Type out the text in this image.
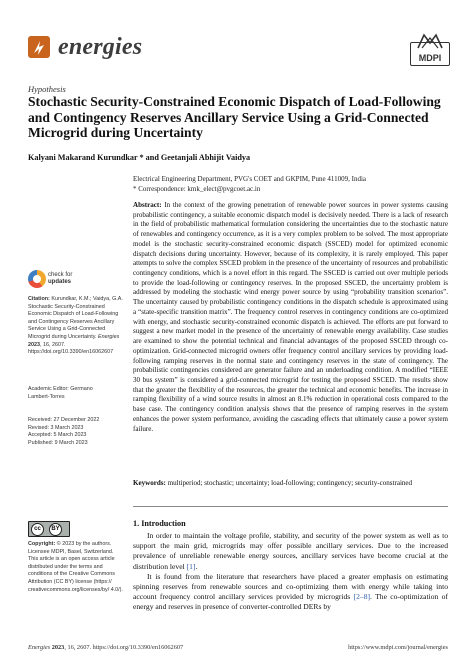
energies	MDPI
Hypothesis
Stochastic Security-Constrained Economic Dispatch of Load-Following and Contingency Reserves Ancillary Service Using a Grid-Connected Microgrid during Uncertainty
Kalyani Makarand Kurundkar * and Geetanjali Abhijit Vaidya
Electrical Engineering Department, PVG's COET and GKPIM, Pune 411009, India
* Correspondence: kmk_elect@pvgcoet.ac.in
Abstract: In the context of the growing penetration of renewable power sources in power systems causing probabilistic contingency, a suitable economic dispatch model is decisively needed. There is a lack of research in the field of probabilistic mathematical formulation considering the uncertainties due to the stochastic nature of renewables and contingency occurrence, as it is a very complex problem to be solved. The most appropriate model is the stochastic security-constrained economic dispatch (SSCED) model for optimized economic dispatch decisions during uncertainty. However, because of its complexity, it is rarely employed. This paper attempts to solve the complex SSCED problem in the presence of the uncertainty of resources and probabilistic contingency conditions, which is a novel effort in this regard. The SSCED is carried out over multiple periods to provide the load-following or contingency reserves. In the proposed SSCED, the uncertainty problem is addressed by modeling the stochastic wind energy power source by using “probability transition scenarios”. The uncertainty caused by probabilistic contingency conditions in the dispatch schedule is approximated using a “state-specific transition matrix”. The frequency control reserves in contingency conditions are co-optimized with energy, and stochastic security-constrained economic dispatch is achieved. The efforts are put forward to suggest a new market model in the presence of the uncertainty of renewable energy availability. Case studies are examined to show the potential technical and financial advantages of the proposed SSCED through co-optimization. Grid-connected microgrid owners offer frequency control ancillary services by providing load-following ramping reserves in the normal state and contingency reserves in the state of contingency. The probabilistic contingencies considered are generator failure and an underloading condition. A modified “IEEE 30 bus system” is considered a grid-connected microgrid for testing the proposed SSCED. The results show that the greater the flexibility of the resources, the greater the technical and economic benefits. The increase in ramping flexibility of a wind source results in almost an 8.1% reduction in operational costs compared to the base case. The contingency condition analysis shows that the presence of ramping reserves in the system enhances the power system performance, avoiding the cascading effects that ultimately cause a power system failure.
Keywords: multiperiod; stochastic; uncertainty; load-following; contingency; security-constrained
check for
updates
Citation: Kurundkar, K.M.; Vaidya, G.A. Stochastic Security-Constrained Economic Dispatch of Load-Following and Contingency Reserves Ancillary Service Using a Grid-Connected Microgrid during Uncertainty. Energies 2023, 16, 2607. https://doi.org/10.3390/en16062607
Academic Editor: Germano
Lambert-Torres
Received: 27 December 2022
Revised: 3 March 2023
Accepted: 5 March 2023
Published: 9 March 2023
cc	BY
Copyright: © 2023 by the authors. Licensee MDPI, Basel, Switzerland. This article is an open access article distributed under the terms and conditions of the Creative Commons Attribution (CC BY) license (https:// creativecommons.org/licenses/by/ 4.0/).
1. Introduction
In order to maintain the voltage profile, stability, and security of the power system as well as to support the main grid, microgrids may offer possible ancillary services. Due to the increased prevalence of unreliable renewable energy sources, ancillary services have become crucial at the distribution level [1].
It is found from the literature that researchers have placed a greater emphasis on estimating spinning reserves from renewable sources and co-optimizing them with energy while taking into account frequency control ancillary services provided by microgrids [2–8]. The co-optimization of energy and reserves in presence of converter-controlled DERs by
Energies 2023, 16, 2607. https://doi.org/10.3390/en16062607	https://www.mdpi.com/journal/energies
